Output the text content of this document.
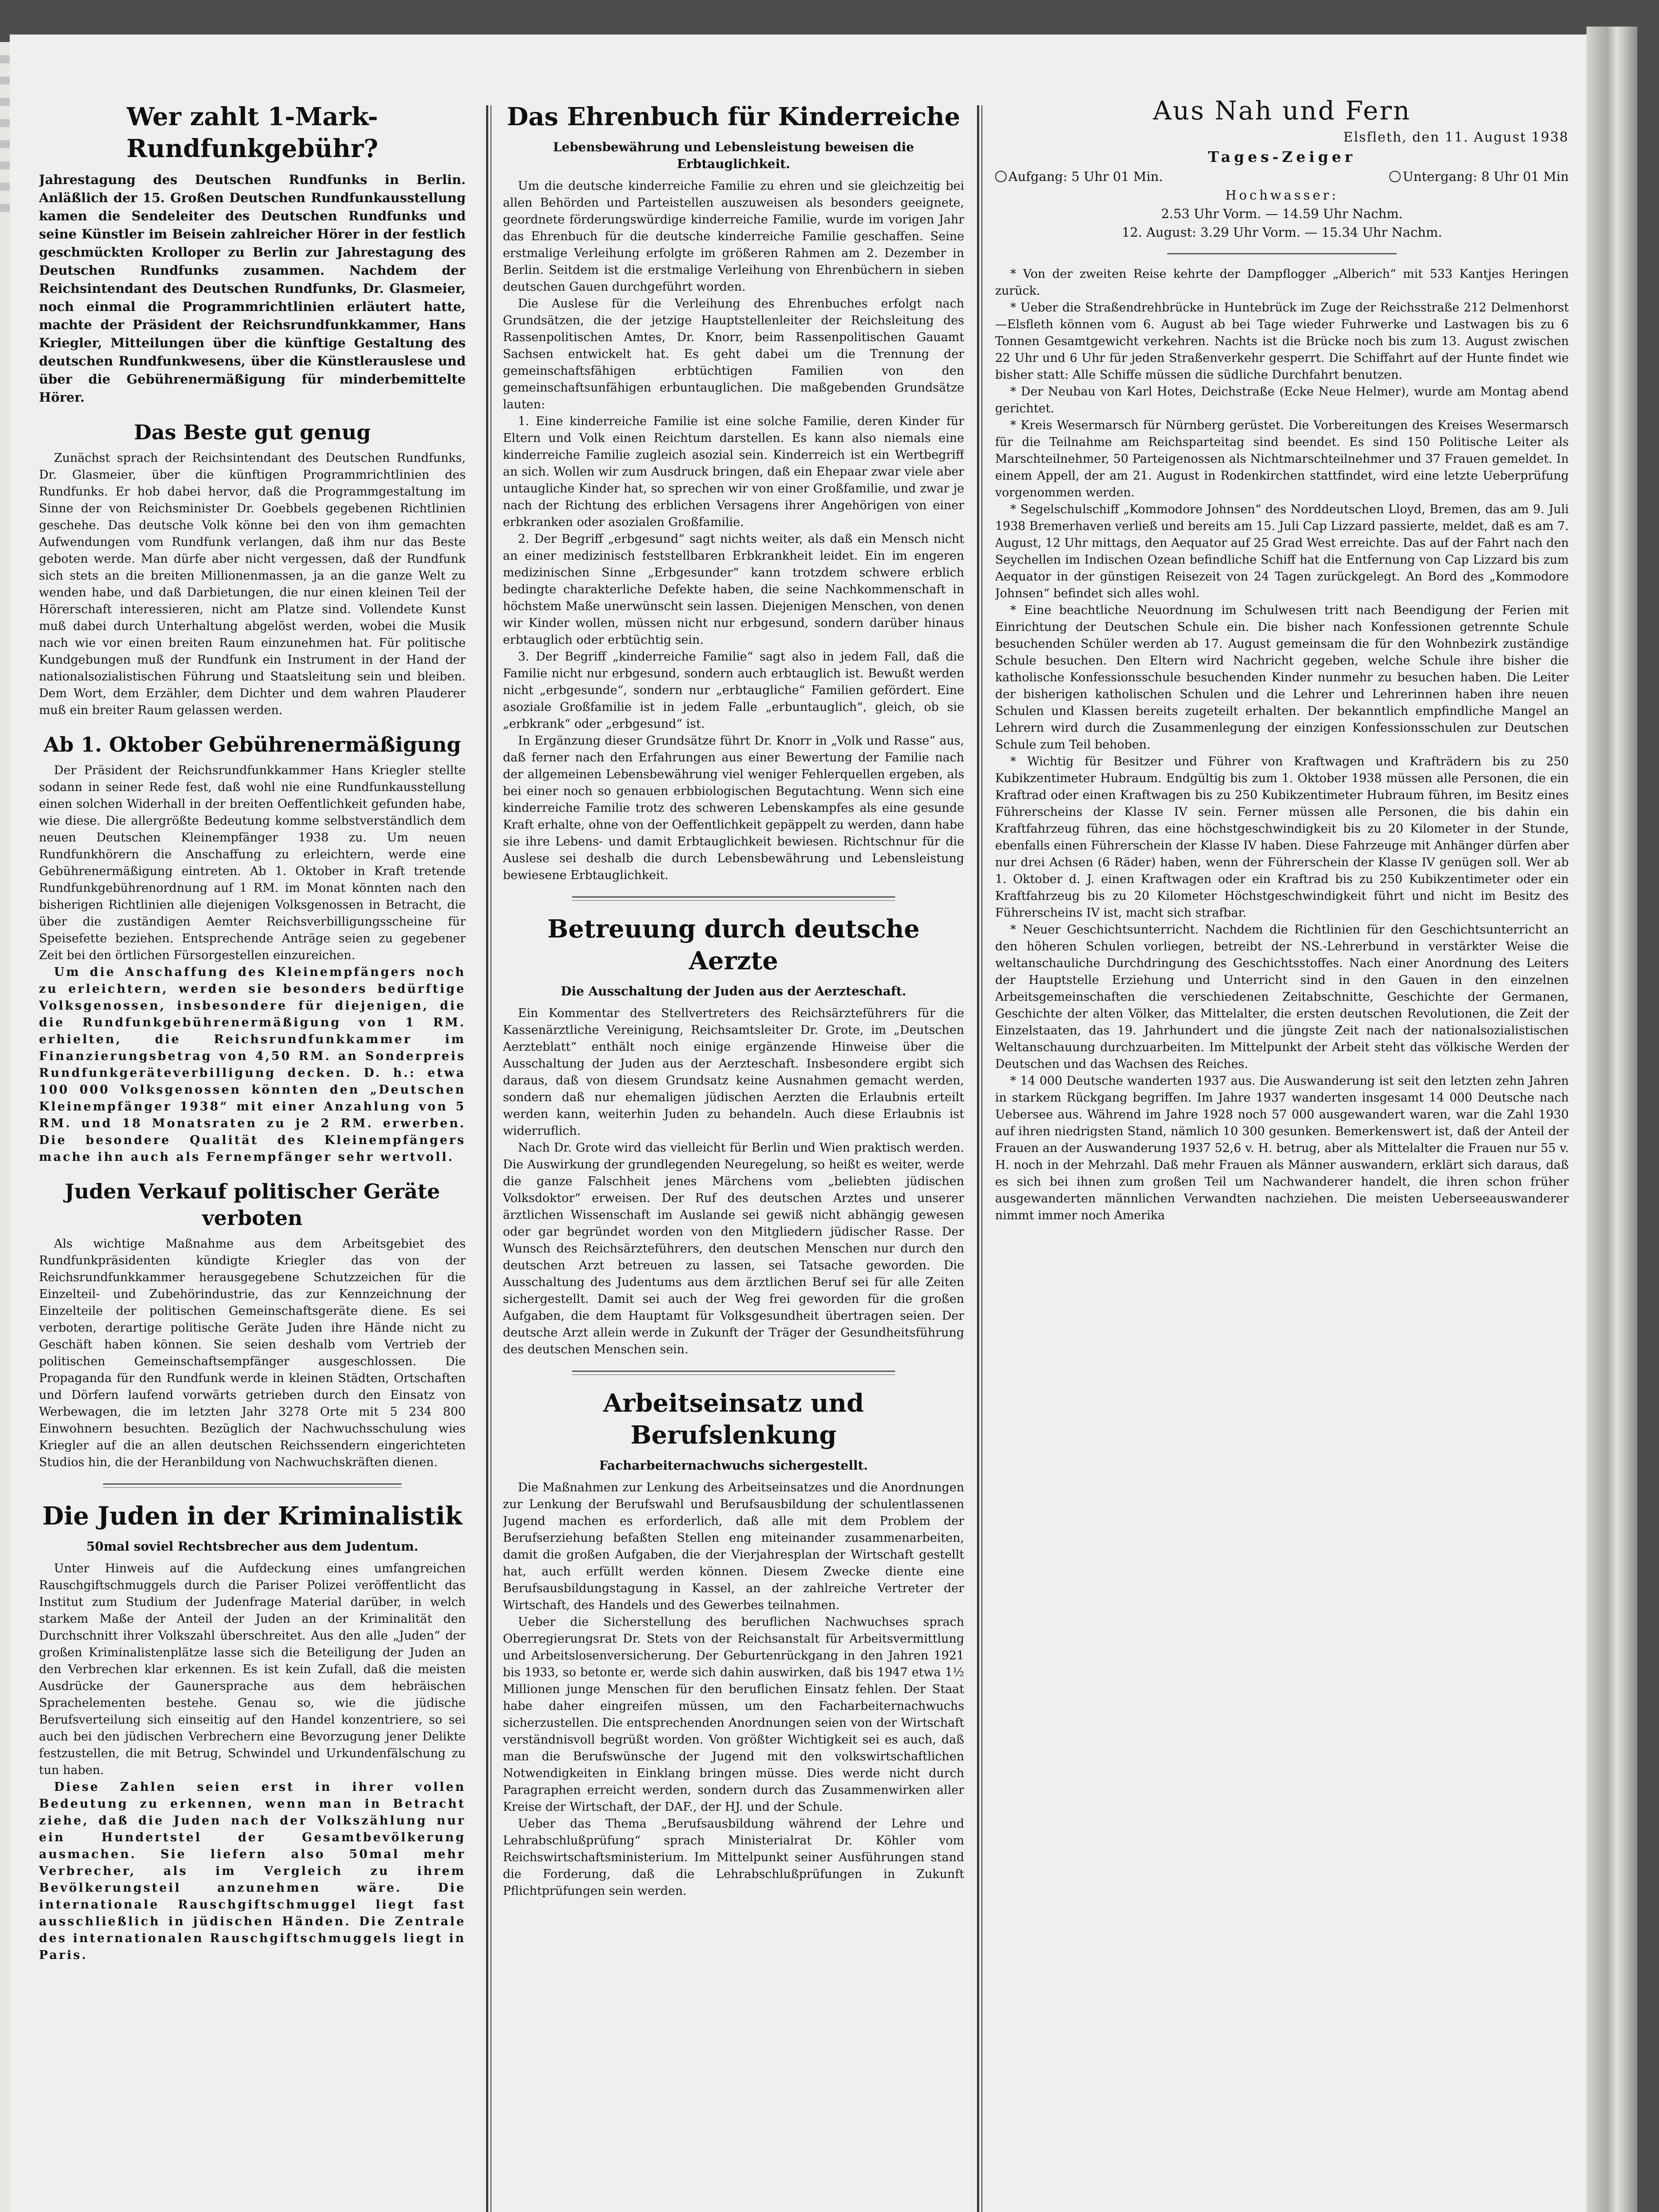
Wer zahlt 1-Mark-Rundfunkgebühr?
Jahrestagung des Deutschen Rundfunks in Berlin. Anläßlich der 15. Großen Deutschen Rundfunkausstellung kamen die Sendeleiter des Deutschen Rundfunks und seine Künstler im Beisein zahlreicher Hörer in der festlich geschmückten Krolloper zu Berlin zur Jahrestagung des Deutschen Rundfunks zusammen. Nachdem der Reichsintendant des Deutschen Rundfunks, Dr. Glasmeier, noch einmal die Programmrichtlinien erläutert hatte, machte der Präsident der Reichsrundfunkkammer, Hans Kriegler, Mitteilungen über die künftige Gestaltung des deutschen Rundfunkwesens, über die Künstlerauslese und über die Gebührenermäßigung für minderbemittelte Hörer.
Das Beste gut genug

Zunächst sprach der Reichsintendant des Deutschen Rundfunks, Dr. Glasmeier, über die künftigen Programmrichtlinien des Rundfunks. Er hob dabei hervor, daß die Programmgestaltung im Sinne der von Reichsminister Dr. Goebbels gegebenen Richtlinien geschehe. Das deutsche Volk könne bei den von ihm gemachten Aufwendungen vom Rundfunk verlangen, daß ihm nur das Beste geboten werde. Man dürfe aber nicht vergessen, daß der Rundfunk sich stets an die breiten Millionenmassen, ja an die ganze Welt zu wenden habe, und daß Darbietungen, die nur einen kleinen Teil der Hörerschaft interessieren, nicht am Platze sind. Vollendete Kunst muß dabei durch Unterhaltung abgelöst werden, wobei die Musik nach wie vor einen breiten Raum einzunehmen hat. Für politische Kundgebungen muß der Rundfunk ein Instrument in der Hand der nationalsozialistischen Führung und Staatsleitung sein und bleiben. Dem Wort, dem Erzähler, dem Dichter und dem wahren Plauderer muß ein breiter Raum gelassen werden.

Ab 1. Oktober Gebührenermäßigung

Der Präsident der Reichsrundfunkkammer Hans Kriegler stellte sodann in seiner Rede fest, daß wohl nie eine Rundfunkausstellung einen solchen Widerhall in der breiten Oeffentlichkeit gefunden habe, wie diese. Die allergrößte Bedeutung komme selbstverständlich dem neuen Deutschen Kleinempfänger 1938 zu. Um neuen Rundfunkhörern die Anschaffung zu erleichtern, werde eine Gebührenermäßigung eintreten. Ab 1. Oktober in Kraft tretende Rundfunkgebührenordnung auf 1 RM. im Monat könnten nach den bisherigen Richtlinien alle diejenigen Volksgenossen in Betracht, die über die zuständigen Aemter Reichsverbilligungsscheine für Speisefette beziehen. Entsprechende Anträge seien zu gegebener Zeit bei den örtlichen Fürsorgestellen einzureichen.

Um die Anschaffung des Kleinempfängers noch zu erleichtern, werden sie besonders bedürftige Volksgenossen, insbesondere für diejenigen, die die Rundfunkgebührenermäßigung von 1 RM. erhielten, die Reichsrundfunkkammer im Finanzierungsbetrag von 4,50 RM. an Sonderpreis Rundfunkgeräteverbilligung decken. D. h.: etwa 100 000 Volksgenossen könnten den „Deutschen Kleinempfänger 1938“ mit einer Anzahlung von 5 RM. und 18 Monatsraten zu je 2 RM. erwerben. Die besondere Qualität des Kleinempfängers mache ihn auch als Fernempfänger sehr wertvoll.

Juden Verkauf politischer Geräte verboten

Als wichtige Maßnahme aus dem Arbeitsgebiet des Rundfunkpräsidenten kündigte Kriegler das von der Reichsrundfunkkammer herausgegebene Schutzzeichen für die Einzelteil- und Zubehörindustrie, das zur Kennzeichnung der Einzelteile der politischen Gemeinschaftsgeräte diene. Es sei verboten, derartige politische Geräte Juden ihre Hände nicht zu Geschäft haben können. Sie seien deshalb vom Vertrieb der politischen Gemeinschaftsempfänger ausgeschlossen. Die Propaganda für den Rundfunk werde in kleinen Städten, Ortschaften und Dörfern laufend vorwärts getrieben durch den Einsatz von Werbewagen, die im letzten Jahr 3278 Orte mit 5 234 800 Einwohnern besuchten. Bezüglich der Nachwuchsschulung wies Kriegler auf die an allen deutschen Reichssendern eingerichteten Studios hin, die der Heranbildung von Nachwuchskräften dienen.

Die Juden in der Kriminalistik
50mal soviel Rechtsbrecher aus dem Judentum.

Unter Hinweis auf die Aufdeckung eines umfangreichen Rauschgiftschmuggels durch die Pariser Polizei veröffentlicht das Institut zum Studium der Judenfrage Material darüber, in welch starkem Maße der Anteil der Juden an der Kriminalität den Durchschnitt ihrer Volkszahl überschreitet. Aus den alle „Juden“ der großen Kriminalistenplätze lasse sich die Beteiligung der Juden an den Verbrechen klar erkennen. Es ist kein Zufall, daß die meisten Ausdrücke der Gaunersprache aus dem hebräischen Sprachelementen bestehe. Genau so, wie die jüdische Berufsverteilung sich einseitig auf den Handel konzentriere, so sei auch bei den jüdischen Verbrechern eine Bevorzugung jener Delikte festzustellen, die mit Betrug, Schwindel und Urkundenfälschung zu tun haben.

Diese Zahlen seien erst in ihrer vollen Bedeutung zu erkennen, wenn man in Betracht ziehe, daß die Juden nach der Volkszählung nur ein Hundertstel der Gesamtbevölkerung ausmachen. Sie liefern also 50mal mehr Verbrecher, als im Vergleich zu ihrem Bevölkerungsteil anzunehmen wäre. Die internationale Rauschgiftschmuggel liegt fast ausschließlich in jüdischen Händen. Die Zentrale des internationalen Rauschgiftschmuggels liegt in Paris.

Das Ehrenbuch für Kinderreiche
Lebensbewährung und Lebensleistung beweisen die Erbtauglichkeit.

Um die deutsche kinderreiche Familie zu ehren und sie gleichzeitig bei allen Behörden und Parteistellen auszuweisen als besonders geeignete, geordnete förderungswürdige kinderreiche Familie, wurde im vorigen Jahr das Ehrenbuch für die deutsche kinderreiche Familie geschaffen. Seine erstmalige Verleihung erfolgte im größeren Rahmen am 2. Dezember in Berlin. Seitdem ist die erstmalige Verleihung von Ehrenbüchern in sieben deutschen Gauen durchgeführt worden.

Die Auslese für die Verleihung des Ehrenbuches erfolgt nach Grundsätzen, die der jetzige Hauptstellenleiter der Reichsleitung des Rassenpolitischen Amtes, Dr. Knorr, beim Rassenpolitischen Gauamt Sachsen entwickelt hat. Es geht dabei um die Trennung der gemeinschaftsfähigen erbtüchtigen Familien von den gemeinschaftsunfähigen erbuntauglichen. Die maßgebenden Grundsätze lauten:

1. Eine kinderreiche Familie ist eine solche Familie, deren Kinder für Eltern und Volk einen Reichtum darstellen. Es kann also niemals eine kinderreiche Familie zugleich asozial sein. Kinderreich ist ein Wertbegriff an sich. Wollen wir zum Ausdruck bringen, daß ein Ehepaar zwar viele aber untaugliche Kinder hat, so sprechen wir von einer Großfamilie, und zwar je nach der Richtung des erblichen Versagens ihrer Angehörigen von einer erbkranken oder asozialen Großfamilie.

2. Der Begriff „erbgesund“ sagt nichts weiter, als daß ein Mensch nicht an einer medizinisch feststellbaren Erbkrankheit leidet. Ein im engeren medizinischen Sinne „Erbgesunder“ kann trotzdem schwere erblich bedingte charakterliche Defekte haben, die seine Nachkommenschaft in höchstem Maße unerwünscht sein lassen. Diejenigen Menschen, von denen wir Kinder wollen, müssen nicht nur erbgesund, sondern darüber hinaus erbtauglich oder erbtüchtig sein.

3. Der Begriff „kinderreiche Familie“ sagt also in jedem Fall, daß die Familie nicht nur erbgesund, sondern auch erbtauglich ist. Bewußt werden nicht „erbgesunde“, sondern nur „erbtaugliche“ Familien gefördert. Eine asoziale Großfamilie ist in jedem Falle „erbuntauglich“, gleich, ob sie „erbkrank“ oder „erbgesund“ ist.

In Ergänzung dieser Grundsätze führt Dr. Knorr in „Volk und Rasse“ aus, daß ferner nach den Erfahrungen aus einer Bewertung der Familie nach der allgemeinen Lebensbewährung viel weniger Fehlerquellen ergeben, als bei einer noch so genauen erbbiologischen Begutachtung. Wenn sich eine kinderreiche Familie trotz des schweren Lebenskampfes als eine gesunde Kraft erhalte, ohne von der Oeffentlichkeit gepäppelt zu werden, dann habe sie ihre Lebens- und damit Erbtauglichkeit bewiesen. Richtschnur für die Auslese sei deshalb die durch Lebensbewährung und Lebensleistung bewiesene Erbtauglichkeit.

Betreuung durch deutsche Aerzte
Die Ausschaltung der Juden aus der Aerzteschaft.

Ein Kommentar des Stellvertreters des Reichsärzteführers für die Kassenärztliche Vereinigung, Reichsamtsleiter Dr. Grote, im „Deutschen Aerzteblatt“ enthält noch einige ergänzende Hinweise über die Ausschaltung der Juden aus der Aerzteschaft. Insbesondere ergibt sich daraus, daß von diesem Grundsatz keine Ausnahmen gemacht werden, sondern daß nur ehemaligen jüdischen Aerzten die Erlaubnis erteilt werden kann, weiterhin Juden zu behandeln. Auch diese Erlaubnis ist widerruflich.

Nach Dr. Grote wird das vielleicht für Berlin und Wien praktisch werden. Die Auswirkung der grundlegenden Neuregelung, so heißt es weiter, werde die ganze Falschheit jenes Märchens vom „beliebten jüdischen Volksdoktor“ erweisen. Der Ruf des deutschen Arztes und unserer ärztlichen Wissenschaft im Auslande sei gewiß nicht abhängig gewesen oder gar begründet worden von den Mitgliedern jüdischer Rasse. Der Wunsch des Reichsärzteführers, den deutschen Menschen nur durch den deutschen Arzt betreuen zu lassen, sei Tatsache geworden. Die Ausschaltung des Judentums aus dem ärztlichen Beruf sei für alle Zeiten sichergestellt. Damit sei auch der Weg frei geworden für die großen Aufgaben, die dem Hauptamt für Volksgesundheit übertragen seien. Der deutsche Arzt allein werde in Zukunft der Träger der Gesundheitsführung des deutschen Menschen sein.

Arbeitseinsatz und Berufslenkung
Facharbeiternachwuchs sichergestellt.

Die Maßnahmen zur Lenkung des Arbeitseinsatzes und die Anordnungen zur Lenkung der Berufswahl und Berufsausbildung der schulentlassenen Jugend machen es erforderlich, daß alle mit dem Problem der Berufserziehung befaßten Stellen eng miteinander zusammenarbeiten, damit die großen Aufgaben, die der Vierjahresplan der Wirtschaft gestellt hat, auch erfüllt werden können. Diesem Zwecke diente eine Berufsausbildungstagung in Kassel, an der zahlreiche Vertreter der Wirtschaft, des Handels und des Gewerbes teilnahmen.

Ueber die Sicherstellung des beruflichen Nachwuchses sprach Oberregierungsrat Dr. Stets von der Reichsanstalt für Arbeitsvermittlung und Arbeitslosenversicherung. Der Geburtenrückgang in den Jahren 1921 bis 1933, so betonte er, werde sich dahin auswirken, daß bis 1947 etwa 1½ Millionen junge Menschen für den beruflichen Einsatz fehlen. Der Staat habe daher eingreifen müssen, um den Facharbeiternachwuchs sicherzustellen. Die entsprechenden Anordnungen seien von der Wirtschaft verständnisvoll begrüßt worden. Von größter Wichtigkeit sei es auch, daß man die Berufswünsche der Jugend mit den volkswirtschaftlichen Notwendigkeiten in Einklang bringen müsse. Dies werde nicht durch Paragraphen erreicht werden, sondern durch das Zusammenwirken aller Kreise der Wirtschaft, der DAF., der HJ. und der Schule.

Ueber das Thema „Berufsausbildung während der Lehre und Lehrabschlußprüfung“ sprach Ministerialrat Dr. Köhler vom Reichswirtschaftsministerium. Im Mittelpunkt seiner Ausführungen stand die Forderung, daß die Lehrabschlußprüfungen in Zukunft Pflichtprüfungen sein werden.

Aus Nah und Fern
Elsfleth, den 11. August 1938
Tages-Zeiger
Aufgang: 5 Uhr 01 Min.	Untergang: 8 Uhr 01 Min
Hochwasser:
2.53 Uhr Vorm. — 14.59 Uhr Nachm.
12. August: 3.29 Uhr Vorm. — 15.34 Uhr Nachm.

* Von der zweiten Reise kehrte der Dampflogger „Alberich“ mit 533 Kantjes Heringen zurück.

* Ueber die Straßendrehbrücke in Huntebrück im Zuge der Reichsstraße 212 Delmenhorst—Elsfleth können vom 6. August ab bei Tage wieder Fuhrwerke und Lastwagen bis zu 6 Tonnen Gesamtgewicht verkehren. Nachts ist die Brücke noch bis zum 13. August zwischen 22 Uhr und 6 Uhr für jeden Straßenverkehr gesperrt. Die Schiffahrt auf der Hunte findet wie bisher statt: Alle Schiffe müssen die südliche Durchfahrt benutzen.

* Der Neubau von Karl Hotes, Deichstraße (Ecke Neue Helmer), wurde am Montag abend gerichtet.

* Kreis Wesermarsch für Nürnberg gerüstet. Die Vorbereitungen des Kreises Wesermarsch für die Teilnahme am Reichsparteitag sind beendet. Es sind 150 Politische Leiter als Marschteilnehmer, 50 Parteigenossen als Nichtmarschteilnehmer und 37 Frauen gemeldet. In einem Appell, der am 21. August in Rodenkirchen stattfindet, wird eine letzte Ueberprüfung vorgenommen werden.

* Segelschulschiff „Kommodore Johnsen“ des Norddeutschen Lloyd, Bremen, das am 9. Juli 1938 Bremerhaven verließ und bereits am 15. Juli Cap Lizzard passierte, meldet, daß es am 7. August, 12 Uhr mittags, den Aequator auf 25 Grad West erreichte. Das auf der Fahrt nach den Seychellen im Indischen Ozean befindliche Schiff hat die Entfernung von Cap Lizzard bis zum Aequator in der günstigen Reisezeit von 24 Tagen zurückgelegt. An Bord des „Kommodore Johnsen“ befindet sich alles wohl.

* Eine beachtliche Neuordnung im Schulwesen tritt nach Beendigung der Ferien mit Einrichtung der Deutschen Schule ein. Die bisher nach Konfessionen getrennte Schule besuchenden Schüler werden ab 17. August gemeinsam die für den Wohnbezirk zuständige Schule besuchen. Den Eltern wird Nachricht gegeben, welche Schule ihre bisher die katholische Konfessionsschule besuchenden Kinder nunmehr zu besuchen haben. Die Leiter der bisherigen katholischen Schulen und die Lehrer und Lehrerinnen haben ihre neuen Schulen und Klassen bereits zugeteilt erhalten. Der bekanntlich empfindliche Mangel an Lehrern wird durch die Zusammenlegung der einzigen Konfessionsschulen zur Deutschen Schule zum Teil behoben.

* Wichtig für Besitzer und Führer von Kraftwagen und Krafträdern bis zu 250 Kubikzentimeter Hubraum. Endgültig bis zum 1. Oktober 1938 müssen alle Personen, die ein Kraftrad oder einen Kraftwagen bis zu 250 Kubikzentimeter Hubraum führen, im Besitz eines Führerscheins der Klasse IV sein. Ferner müssen alle Personen, die bis dahin ein Kraftfahrzeug führen, das eine höchstgeschwindigkeit bis zu 20 Kilometer in der Stunde, ebenfalls einen Führerschein der Klasse IV haben. Diese Fahrzeuge mit Anhänger dürfen aber nur drei Achsen (6 Räder) haben, wenn der Führerschein der Klasse IV genügen soll. Wer ab 1. Oktober d. J. einen Kraftwagen oder ein Kraftrad bis zu 250 Kubikzentimeter oder ein Kraftfahrzeug bis zu 20 Kilometer Höchstgeschwindigkeit führt und nicht im Besitz des Führerscheins IV ist, macht sich strafbar.

* Neuer Geschichtsunterricht. Nachdem die Richtlinien für den Geschichtsunterricht an den höheren Schulen vorliegen, betreibt der NS.-Lehrerbund in verstärkter Weise die weltanschauliche Durchdringung des Geschichtsstoffes. Nach einer Anordnung des Leiters der Hauptstelle Erziehung und Unterricht sind in den Gauen in den einzelnen Arbeitsgemeinschaften die verschiedenen Zeitabschnitte, Geschichte der Germanen, Geschichte der alten Völker, das Mittelalter, die ersten deutschen Revolutionen, die Zeit der Einzelstaaten, das 19. Jahrhundert und die jüngste Zeit nach der nationalsozialistischen Weltanschauung durchzuarbeiten. Im Mittelpunkt der Arbeit steht das völkische Werden der Deutschen und das Wachsen des Reiches.

* 14 000 Deutsche wanderten 1937 aus. Die Auswanderung ist seit den letzten zehn Jahren in starkem Rückgang begriffen. Im Jahre 1937 wanderten insgesamt 14 000 Deutsche nach Uebersee aus. Während im Jahre 1928 noch 57 000 ausgewandert waren, war die Zahl 1930 auf ihren niedrigsten Stand, nämlich 10 300 gesunken. Bemerkenswert ist, daß der Anteil der Frauen an der Auswanderung 1937 52,6 v. H. betrug, aber als Mittelalter die Frauen nur 55 v. H. noch in der Mehrzahl. Daß mehr Frauen als Männer auswandern, erklärt sich daraus, daß es sich bei ihnen zum großen Teil um Nachwanderer handelt, die ihren schon früher ausgewanderten männlichen Verwandten nachziehen. Die meisten Ueberseeauswanderer nimmt immer noch Amerika
